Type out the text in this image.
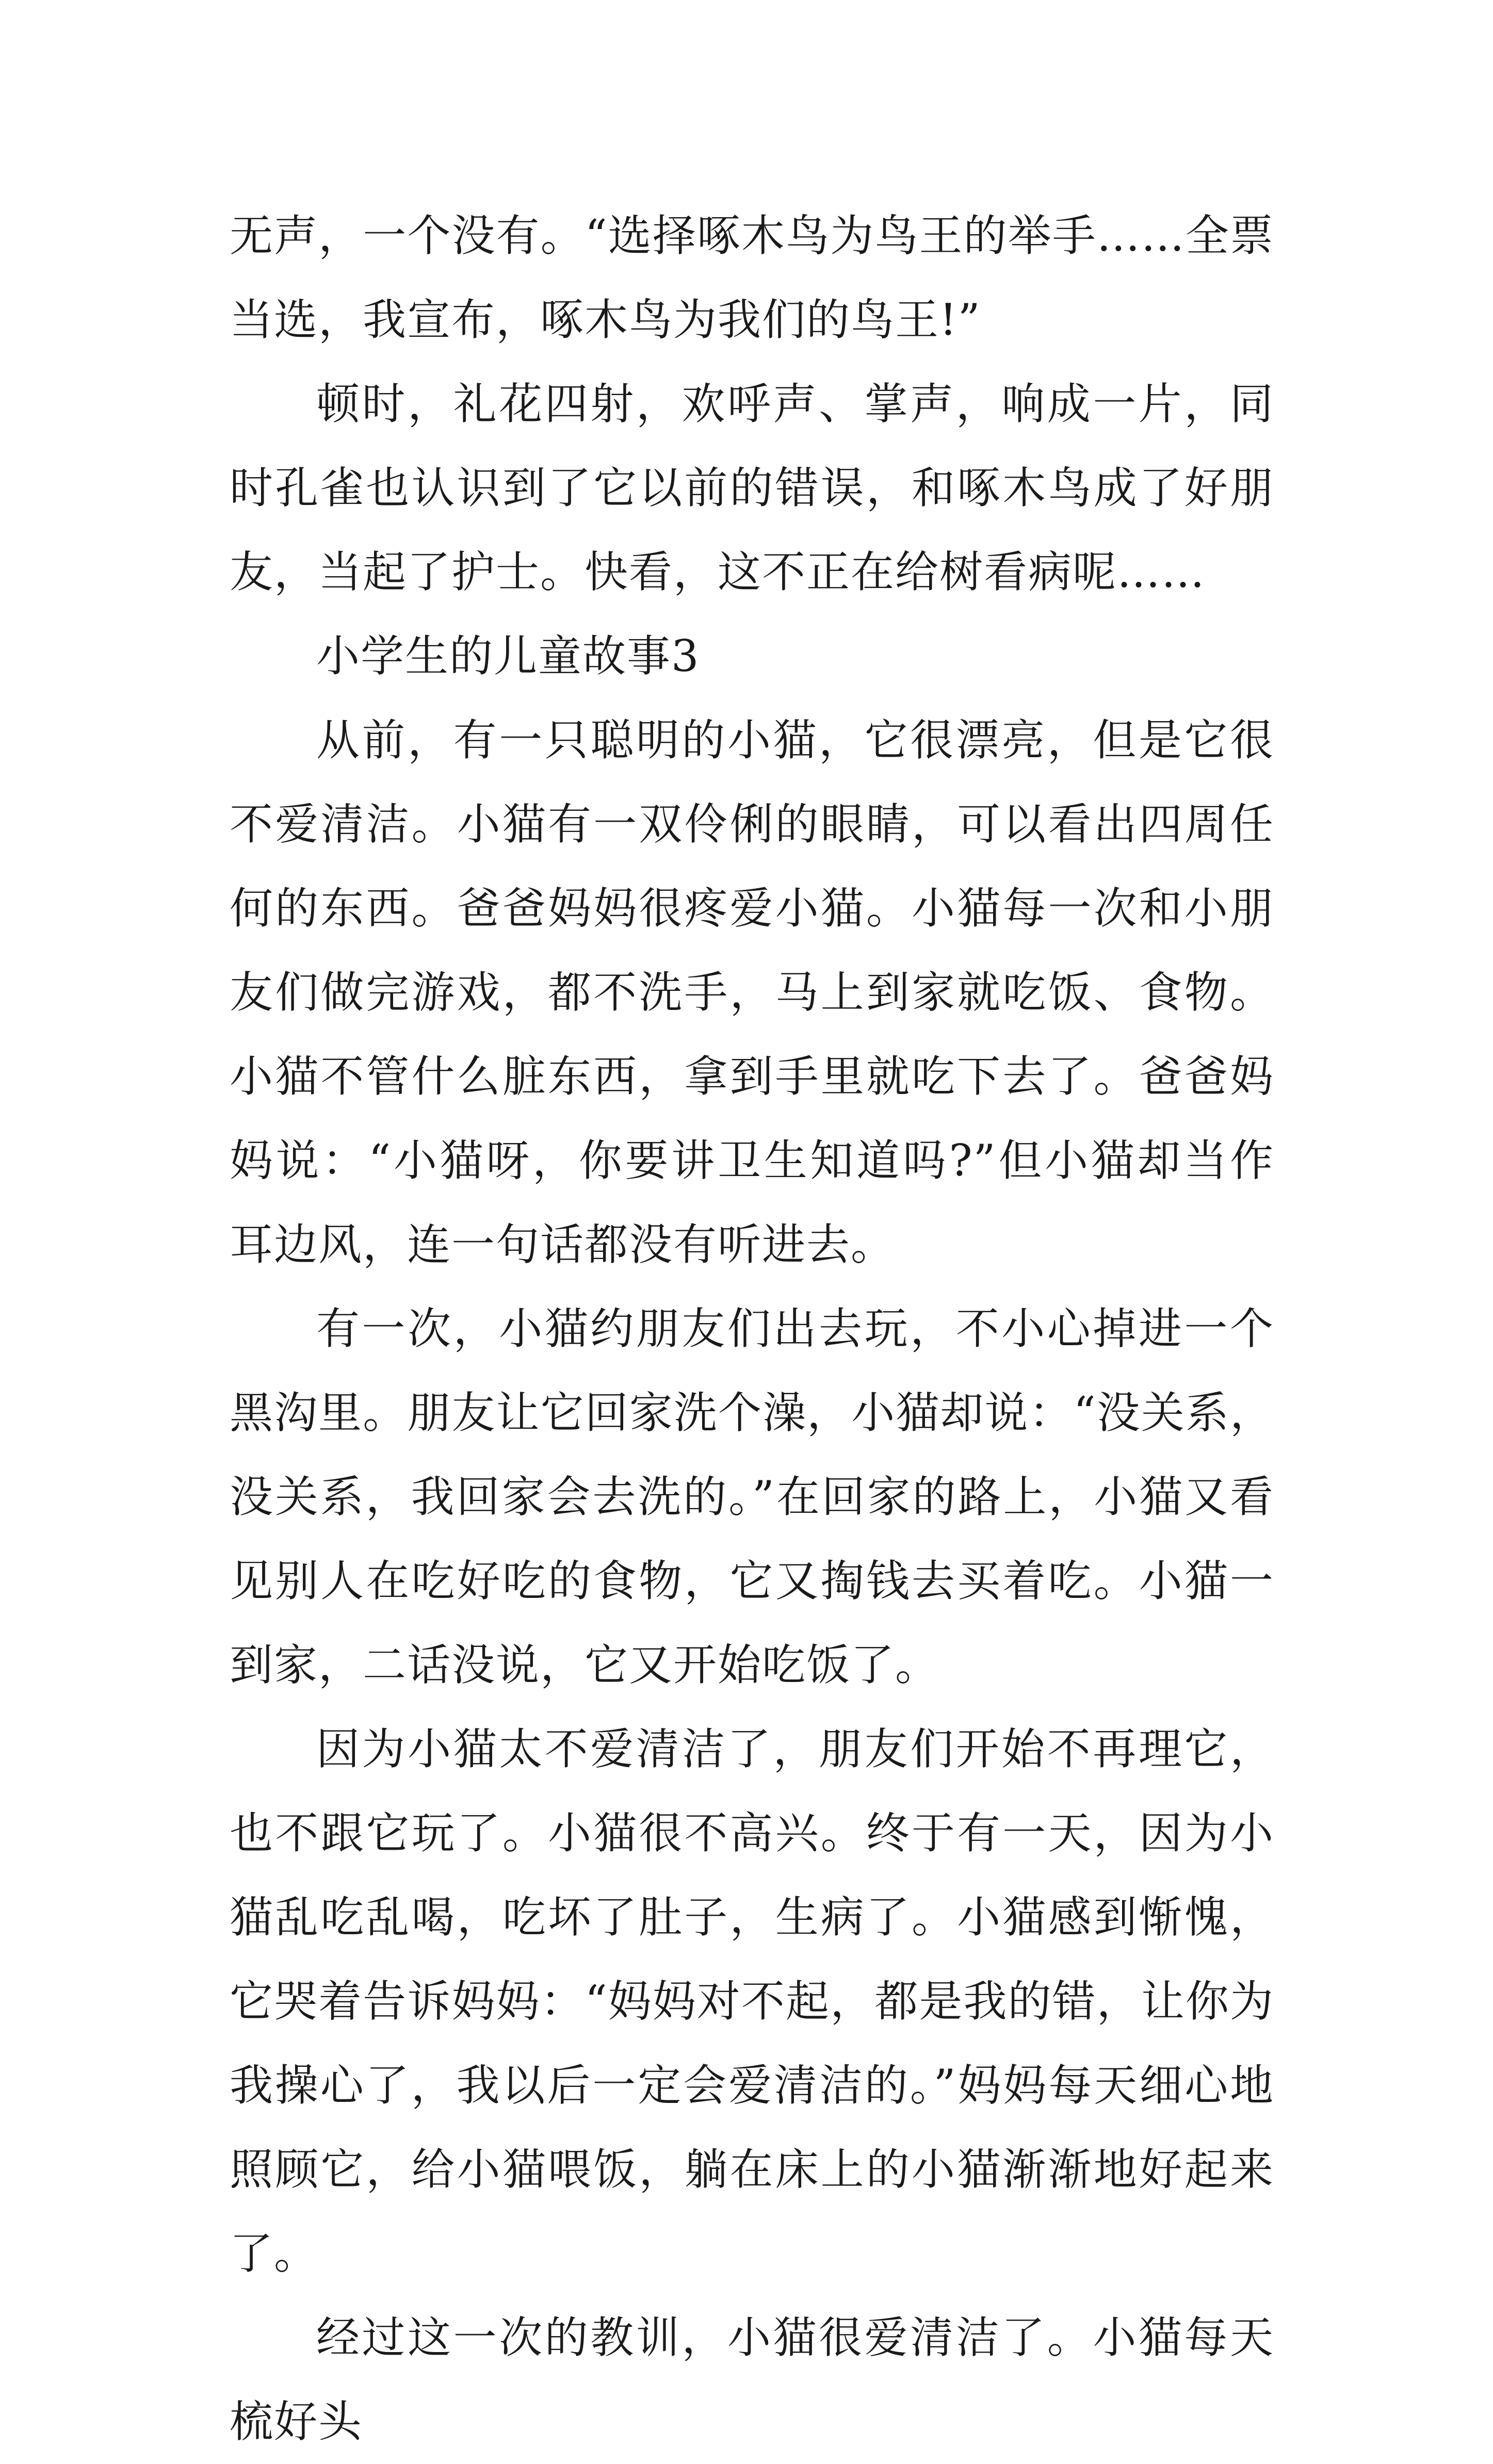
无声，一个没有。“选择啄木鸟为鸟王的举手……全票当选，我宣布，啄木鸟为我们的鸟王!”

顿时，礼花四射，欢呼声、掌声，响成一片，同时孔雀也认识到了它以前的错误，和啄木鸟成了好朋友，当起了护士。快看，这不正在给树看病呢……

小学生的儿童故事3

从前，有一只聪明的小猫，它很漂亮，但是它很不爱清洁。小猫有一双伶俐的眼睛，可以看出四周任何的东西。爸爸妈妈很疼爱小猫。小猫每一次和小朋友们做完游戏，都不洗手，马上到家就吃饭、食物。小猫不管什么脏东西，拿到手里就吃下去了。爸爸妈妈说：“小猫呀，你要讲卫生知道吗?”但小猫却当作耳边风，连一句话都没有听进去。

有一次，小猫约朋友们出去玩，不小心掉进一个黑沟里。朋友让它回家洗个澡，小猫却说：“没关系，没关系，我回家会去洗的。”在回家的路上，小猫又看见别人在吃好吃的食物，它又掏钱去买着吃。小猫一到家，二话没说，它又开始吃饭了。

因为小猫太不爱清洁了，朋友们开始不再理它，也不跟它玩了。小猫很不高兴。终于有一天，因为小猫乱吃乱喝，吃坏了肚子，生病了。小猫感到惭愧，它哭着告诉妈妈：“妈妈对不起，都是我的错，让你为我操心了，我以后一定会爱清洁的。”妈妈每天细心地照顾它，给小猫喂饭，躺在床上的小猫渐渐地好起来了。

经过这一次的教训，小猫很爱清洁了。小猫每天梳好头
